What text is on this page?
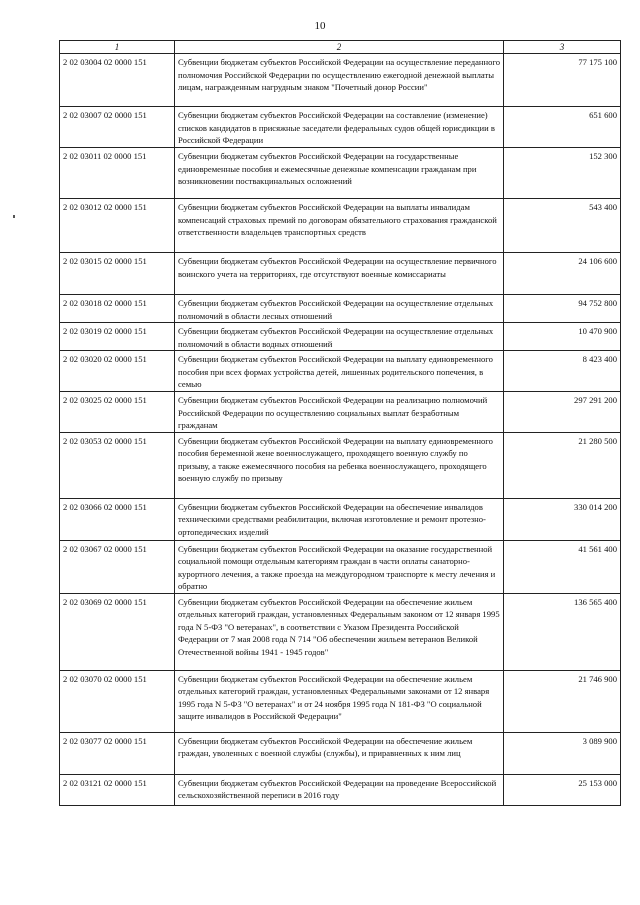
10
1	2	3
2 02 03004 02 0000 151	Субвенции бюджетам субъектов Российской Федерации на осуществление переданного полномочия Российской Федерации по осуществлению ежегодной денежной выплаты лицам, награжденным нагрудным знаком "Почетный донор России"	77 175 100
2 02 03007 02 0000 151	Субвенции бюджетам субъектов Российской Федерации на составление (изменение) списков кандидатов в присяжные заседатели федеральных судов общей юрисдикции в Российской Федерации	651 600
2 02 03011 02 0000 151	Субвенции бюджетам субъектов Российской Федерации на государственные единовременные пособия и ежемесячные денежные компенсации гражданам при возникновении поствакцинальных осложнений	152 300
2 02 03012 02 0000 151	Субвенции бюджетам субъектов Российской Федерации на выплаты инвалидам компенсаций страховых премий по договорам обязательного страхования гражданской ответственности владельцев транспортных средств	543 400
2 02 03015 02 0000 151	Субвенции бюджетам субъектов Российской Федерации на осуществление первичного воинского учета на территориях, где отсутствуют военные комиссариаты	24 106 600
2 02 03018 02 0000 151	Субвенции бюджетам субъектов Российской Федерации на осуществление отдельных полномочий в области лесных отношений	94 752 800
2 02 03019 02 0000 151	Субвенции бюджетам субъектов Российской Федерации на осуществление отдельных полномочий в области водных отношений	10 470 900
2 02 03020 02 0000 151	Субвенции бюджетам субъектов Российской Федерации на выплату единовременного пособия при всех формах устройства детей, лишенных родительского попечения, в семью	8 423 400
2 02 03025 02 0000 151	Субвенции бюджетам субъектов Российской Федерации на реализацию полномочий Российской Федерации по осуществлению социальных выплат безработным гражданам	297 291 200
2 02 03053 02 0000 151	Субвенции бюджетам субъектов Российской Федерации на выплату единовременного пособия беременной жене военнослужащего, проходящего военную службу по призыву, а также ежемесячного пособия на ребенка военнослужащего, проходящего военную службу по призыву	21 280 500
2 02 03066 02 0000 151	Субвенции бюджетам субъектов Российской Федерации на обеспечение инвалидов техническими средствами реабилитации, включая изготовление и ремонт протезно-ортопедических изделий	330 014 200
2 02 03067 02 0000 151	Субвенции бюджетам субъектов Российской Федерации на оказание государственной социальной помощи отдельным категориям граждан в части оплаты санаторно-курортного лечения, а также проезда на междугородном транспорте к месту лечения и обратно	41 561 400
2 02 03069 02 0000 151	Субвенции бюджетам субъектов Российской Федерации на обеспечение жильем отдельных категорий граждан, установленных Федеральным законом от 12 января 1995 года N 5-ФЗ "О ветеранах", в соответствии с Указом Президента Российской Федерации от 7 мая 2008 года N 714 "Об обеспечении жильем ветеранов Великой Отечественной войны 1941 - 1945 годов"	136 565 400
2 02 03070 02 0000 151	Субвенции бюджетам субъектов Российской Федерации на обеспечение жильем отдельных категорий граждан, установленных Федеральными законами от 12 января 1995 года N 5-ФЗ "О ветеранах" и от 24 ноября 1995 года N 181-ФЗ "О социальной защите инвалидов в Российской Федерации"	21 746 900
2 02 03077 02 0000 151	Субвенции бюджетам субъектов Российской Федерации на обеспечение жильем граждан, уволенных с военной службы (службы), и приравненных к ним лиц	3 089 900
2 02 03121 02 0000 151	Субвенции бюджетам субъектов Российской Федерации на проведение Всероссийской сельскохозяйственной переписи в 2016 году	25 153 000
